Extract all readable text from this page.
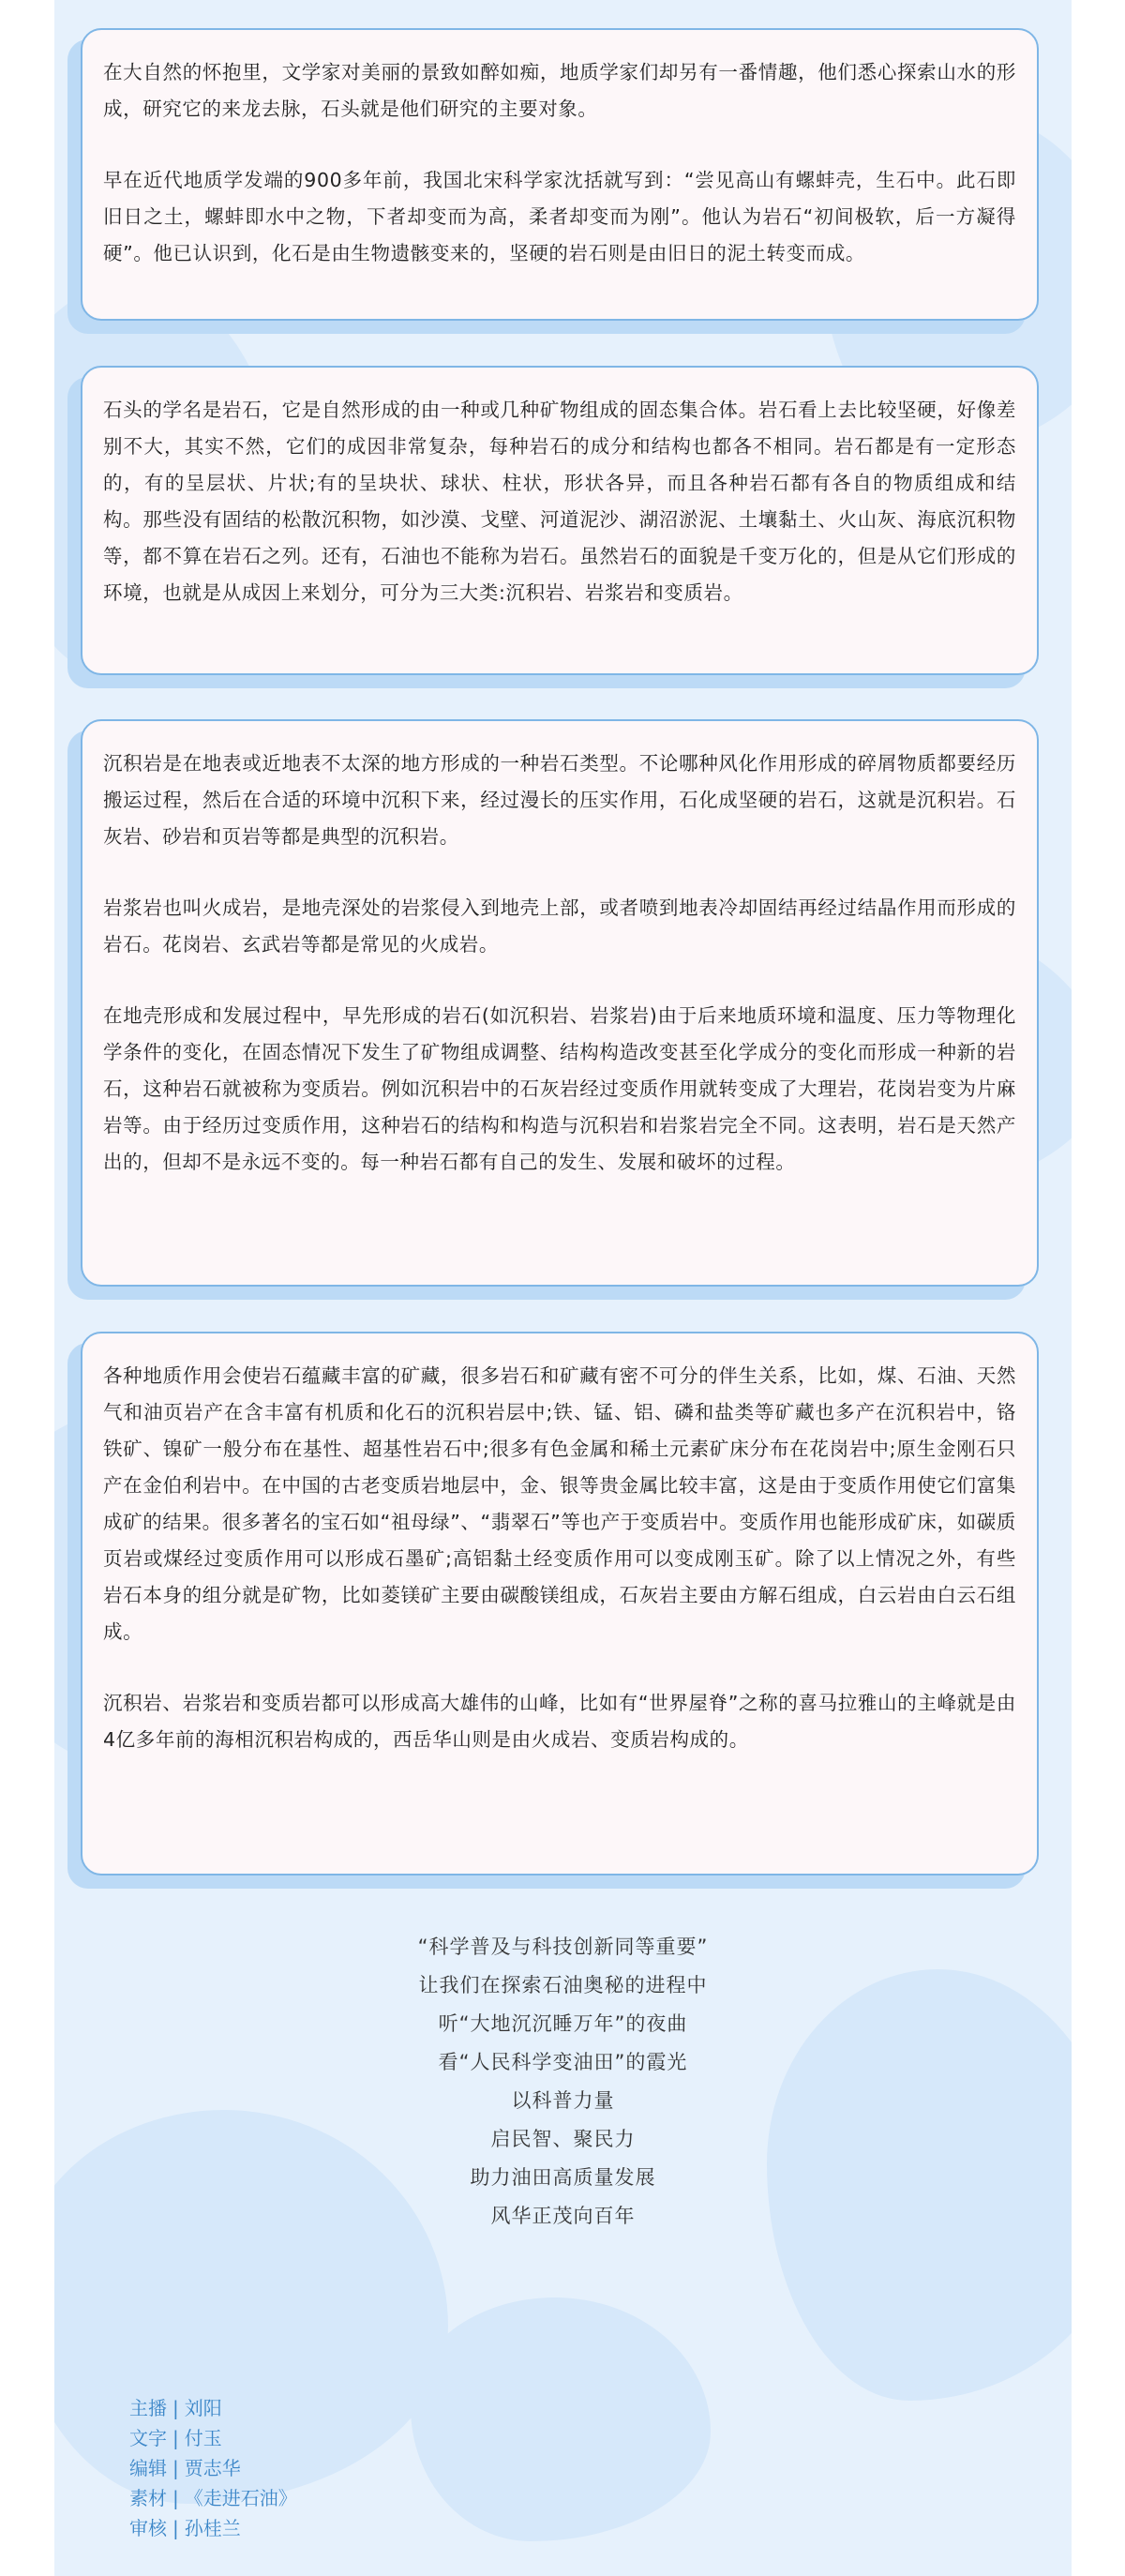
在大自然的怀抱里，文学家对美丽的景致如醉如痴，地质学家们却另有一番情趣，他们悉心探索山水的形成，研究它的来龙去脉，石头就是他们研究的主要对象。

早在近代地质学发端的900多年前，我国北宋科学家沈括就写到：“尝见高山有螺蚌壳，生石中。此石即旧日之土，螺蚌即水中之物，下者却变而为高，柔者却变而为刚”。他认为岩石“初间极软，后一方凝得硬”。他已认识到，化石是由生物遗骸变来的，坚硬的岩石则是由旧日的泥土转变而成。

石头的学名是岩石，它是自然形成的由一种或几种矿物组成的固态集合体。岩石看上去比较坚硬，好像差别不大，其实不然，它们的成因非常复杂，每种岩石的成分和结构也都各不相同。岩石都是有一定形态的，有的呈层状、片状;有的呈块状、球状、柱状，形状各异，而且各种岩石都有各自的物质组成和结构。那些没有固结的松散沉积物，如沙漠、戈壁、河道泥沙、湖沼淤泥、土壤黏土、火山灰、海底沉积物等，都不算在岩石之列。还有，石油也不能称为岩石。虽然岩石的面貌是千变万化的，但是从它们形成的环境，也就是从成因上来划分，可分为三大类:沉积岩、岩浆岩和变质岩。

沉积岩是在地表或近地表不太深的地方形成的一种岩石类型。不论哪种风化作用形成的碎屑物质都要经历搬运过程，然后在合适的环境中沉积下来，经过漫长的压实作用，石化成坚硬的岩石，这就是沉积岩。石灰岩、砂岩和页岩等都是典型的沉积岩。

岩浆岩也叫火成岩，是地壳深处的岩浆侵入到地壳上部，或者喷到地表冷却固结再经过结晶作用而形成的岩石。花岗岩、玄武岩等都是常见的火成岩。

在地壳形成和发展过程中，早先形成的岩石(如沉积岩、岩浆岩)由于后来地质环境和温度、压力等物理化学条件的变化，在固态情况下发生了矿物组成调整、结构构造改变甚至化学成分的变化而形成一种新的岩石，这种岩石就被称为变质岩。例如沉积岩中的石灰岩经过变质作用就转变成了大理岩，花岗岩变为片麻岩等。由于经历过变质作用，这种岩石的结构和构造与沉积岩和岩浆岩完全不同。这表明，岩石是天然产出的，但却不是永远不变的。每一种岩石都有自己的发生、发展和破坏的过程。

各种地质作用会使岩石蕴藏丰富的矿藏，很多岩石和矿藏有密不可分的伴生关系，比如，煤、石油、天然气和油页岩产在含丰富有机质和化石的沉积岩层中;铁、锰、铝、磷和盐类等矿藏也多产在沉积岩中，铬铁矿、镍矿一般分布在基性、超基性岩石中;很多有色金属和稀土元素矿床分布在花岗岩中;原生金刚石只产在金伯利岩中。在中国的古老变质岩地层中，金、银等贵金属比较丰富，这是由于变质作用使它们富集成矿的结果。很多著名的宝石如“祖母绿”、“翡翠石”等也产于变质岩中。变质作用也能形成矿床，如碳质页岩或煤经过变质作用可以形成石墨矿;高铝黏土经变质作用可以变成刚玉矿。除了以上情况之外，有些岩石本身的组分就是矿物，比如菱镁矿主要由碳酸镁组成，石灰岩主要由方解石组成，白云岩由白云石组成。

沉积岩、岩浆岩和变质岩都可以形成高大雄伟的山峰，比如有“世界屋脊”之称的喜马拉雅山的主峰就是由4亿多年前的海相沉积岩构成的，西岳华山则是由火成岩、变质岩构成的。

“科学普及与科技创新同等重要”
让我们在探索石油奥秘的进程中
听“大地沉沉睡万年”的夜曲
看“人民科学变油田”的霞光
以科普力量
启民智、聚民力
助力油田高质量发展
风华正茂向百年
主播 | 刘阳
文字 | 付玉
编辑 | 贾志华
素材 | 《走进石油》
审核 | 孙桂兰
